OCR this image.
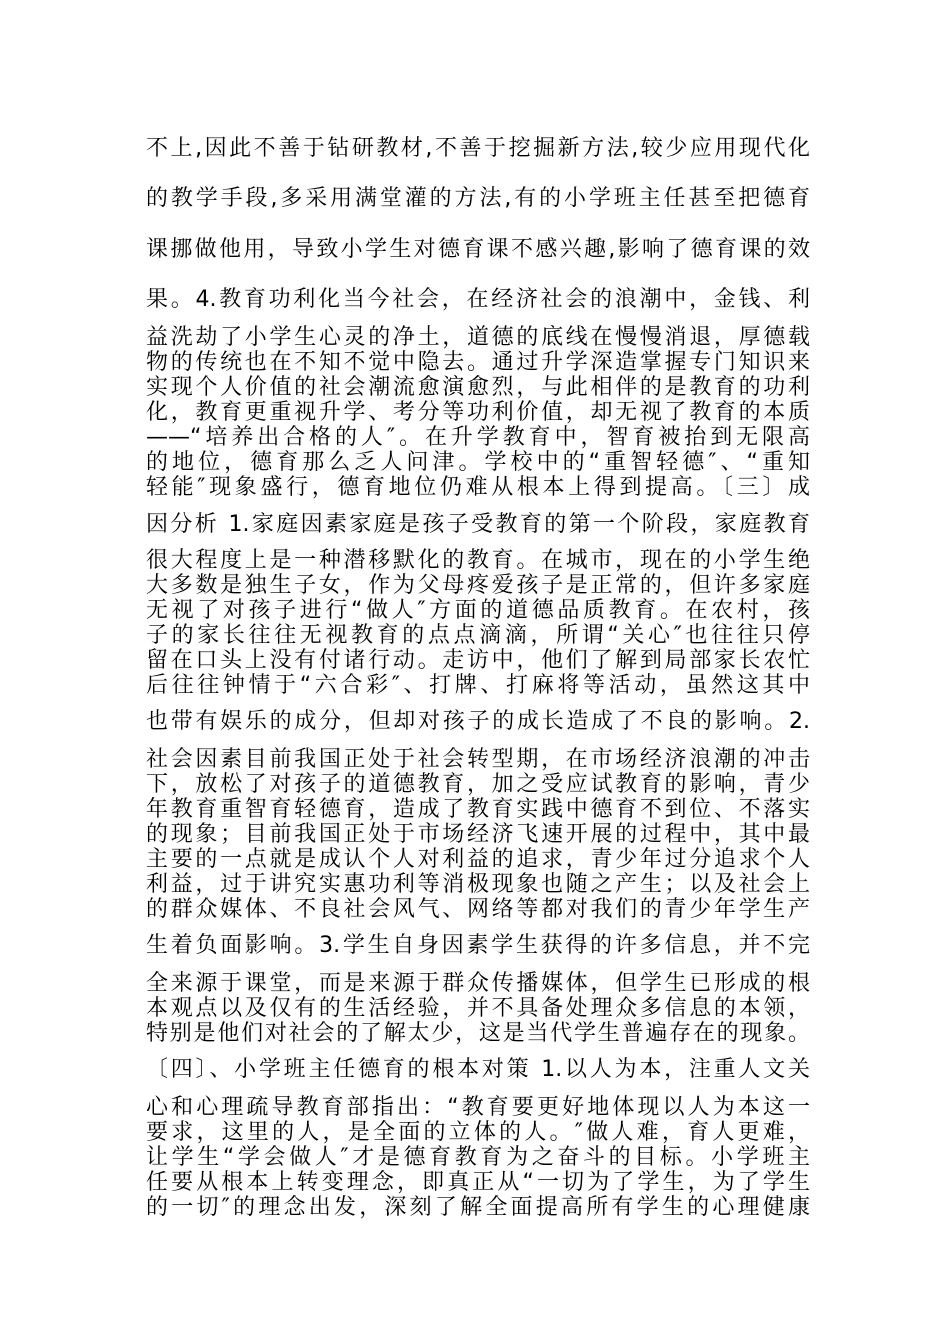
不上,因此不善于钻研教材,不善于挖掘新方法,较少应用现代化
的教学手段,多采用满堂灌的方法,有的小学班主任甚至把德育
课挪做他用，导致小学生对德育课不感兴趣,影响了德育课的效
果。4.教育功利化当今社会，在经济社会的浪潮中，金钱、利
益洗劫了小学生心灵的净土，道德的底线在慢慢消退，厚德载
物的传统也在不知不觉中隐去。通过升学深造掌握专门知识来
实现个人价值的社会潮流愈演愈烈，与此相伴的是教育的功利
化，教育更重视升学、考分等功利价值，却无视了教育的本质
——“培养出合格的人″。在升学教育中，智育被抬到无限高
的地位，德育那么乏人问津。学校中的“重智轻德″、“重知
轻能″现象盛行，德育地位仍难从根本上得到提高。〔三〕成
因分析 1.家庭因素家庭是孩子受教育的第一个阶段，家庭教育
很大程度上是一种潜移默化的教育。在城市，现在的小学生绝
大多数是独生子女，作为父母疼爱孩子是正常的，但许多家庭
无视了对孩子进行“做人″方面的道德品质教育。在农村，孩
子的家长往往无视教育的点点滴滴，所谓“关心″也往往只停
留在口头上没有付诸行动。走访中，他们了解到局部家长农忙
后往往钟情于“六合彩″、打牌、打麻将等活动，虽然这其中
也带有娱乐的成分，但却对孩子的成长造成了不良的影响。2.
社会因素目前我国正处于社会转型期，在市场经济浪潮的冲击
下，放松了对孩子的道德教育，加之受应试教育的影响，青少
年教育重智育轻德育，造成了教育实践中德育不到位、不落实
的现象；目前我国正处于市场经济飞速开展的过程中，其中最
主要的一点就是成认个人对利益的追求，青少年过分追求个人
利益，过于讲究实惠功利等消极现象也随之产生；以及社会上
的群众媒体、不良社会风气、网络等都对我们的青少年学生产
生着负面影响。3.学生自身因素学生获得的许多信息，并不完
全来源于课堂，而是来源于群众传播媒体，但学生已形成的根
本观点以及仅有的生活经验，并不具备处理众多信息的本领，
特别是他们对社会的了解太少，这是当代学生普遍存在的现象。
〔四〕、小学班主任德育的根本对策 1.以人为本，注重人文关
心和心理疏导教育部指出：“教育要更好地体现以人为本这一
要求，这里的人，是全面的立体的人。″做人难，育人更难，
让学生“学会做人″才是德育教育为之奋斗的目标。小学班主
任要从根本上转变理念，即真正从“一切为了学生，为了学生
的一切″的理念出发，深刻了解全面提高所有学生的心理健康
